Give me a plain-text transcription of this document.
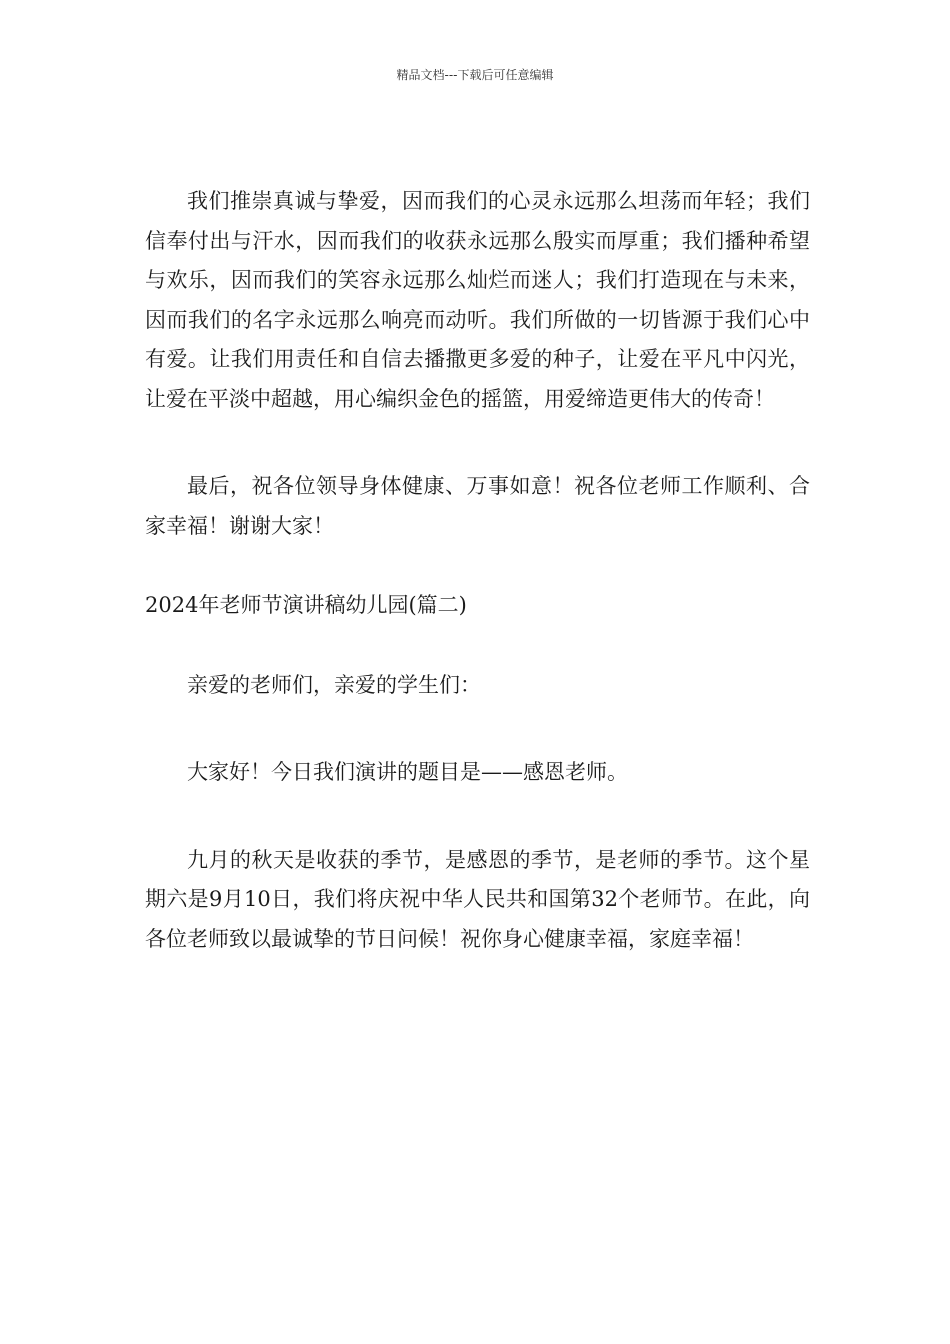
精品文档---下载后可任意编辑

我们推崇真诚与挚爱，因而我们的心灵永远那么坦荡而年轻；我们信奉付出与汗水，因而我们的收获永远那么殷实而厚重；我们播种希望与欢乐，因而我们的笑容永远那么灿烂而迷人；我们打造现在与未来，因而我们的名字永远那么响亮而动听。我们所做的一切皆源于我们心中有爱。让我们用责任和自信去播撒更多爱的种子，让爱在平凡中闪光，让爱在平淡中超越，用心编织金色的摇篮，用爱缔造更伟大的传奇！

最后，祝各位领导身体健康、万事如意！祝各位老师工作顺利、合家幸福！谢谢大家！

2024年老师节演讲稿幼儿园(篇二)

亲爱的老师们，亲爱的学生们：

大家好！今日我们演讲的题目是——感恩老师。

九月的秋天是收获的季节，是感恩的季节，是老师的季节。这个星期六是9月10日，我们将庆祝中华人民共和国第32个老师节。在此，向各位老师致以最诚挚的节日问候！祝你身心健康幸福，家庭幸福！
